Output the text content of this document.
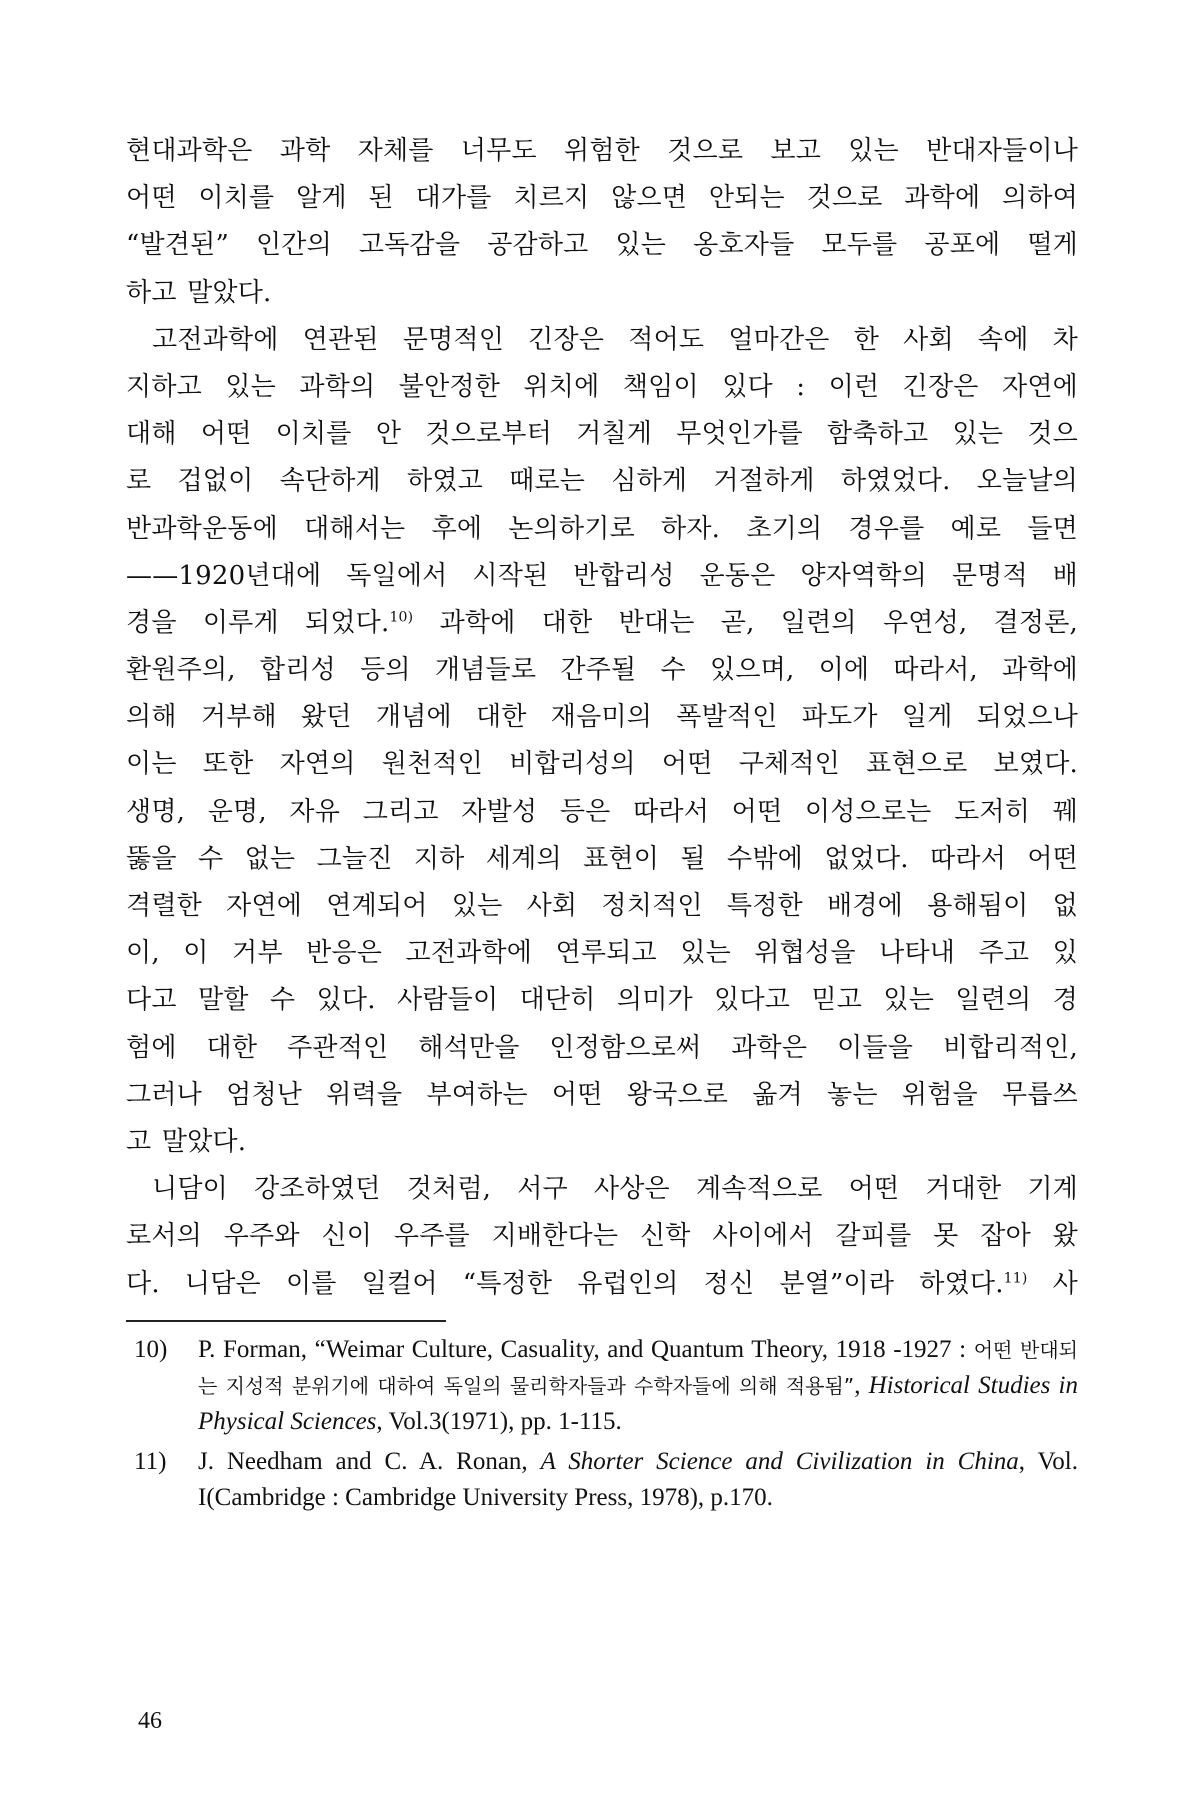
현대과학은 과학 자체를 너무도 위험한 것으로 보고 있는 반대자들이나
어떤 이치를 알게 된 대가를 치르지 않으면 안되는 것으로 과학에 의하여
“발견된” 인간의 고독감을 공감하고 있는 옹호자들 모두를 공포에 떨게
하고 말았다.
고전과학에 연관된 문명적인 긴장은 적어도 얼마간은 한 사회 속에 차
지하고 있는 과학의 불안정한 위치에 책임이 있다 : 이런 긴장은 자연에
대해 어떤 이치를 안 것으로부터 거칠게 무엇인가를 함축하고 있는 것으
로 겁없이 속단하게 하였고 때로는 심하게 거절하게 하였었다. 오늘날의
반과학운동에 대해서는 후에 논의하기로 하자. 초기의 경우를 예로 들면
——1920년대에 독일에서 시작된 반합리성 운동은 양자역학의 문명적 배
경을 이루게 되었다.$^{10)}$ 과학에 대한 반대는 곧, 일련의 우연성, 결정론,
환원주의, 합리성 등의 개념들로 간주될 수 있으며, 이에 따라서, 과학에
의해 거부해 왔던 개념에 대한 재음미의 폭발적인 파도가 일게 되었으나
이는 또한 자연의 원천적인 비합리성의 어떤 구체적인 표현으로 보였다.
생명, 운명, 자유 그리고 자발성 등은 따라서 어떤 이성으로는 도저히 꿰
뚫을 수 없는 그늘진 지하 세계의 표현이 될 수밖에 없었다. 따라서 어떤
격렬한 자연에 연계되어 있는 사회 정치적인 특정한 배경에 용해됨이 없
이, 이 거부 반응은 고전과학에 연루되고 있는 위협성을 나타내 주고 있
다고 말할 수 있다. 사람들이 대단히 의미가 있다고 믿고 있는 일련의 경
험에 대한 주관적인 해석만을 인정함으로써 과학은 이들을 비합리적인,
그러나 엄청난 위력을 부여하는 어떤 왕국으로 옮겨 놓는 위험을 무릅쓰
고 말았다.
니담이 강조하였던 것처럼, 서구 사상은 계속적으로 어떤 거대한 기계
로서의 우주와 신이 우주를 지배한다는 신학 사이에서 갈피를 못 잡아 왔
다. 니담은 이를 일컬어 “특정한 유럽인의 정신 분열”이라 하였다.$^{11)}$ 사
10)	P. Forman, “Weimar Culture, Casuality, and Quantum Theory, 1918 -1927 : 어떤 반대되는 지성적 분위기에 대하여 독일의 물리학자들과 수학자들에 의해 적용됨”, Historical Studies in Physical Sciences, Vol.3(1971), pp. 1-115.
11)	J. Needham and C. A. Ronan, A Shorter Science and Civilization in China, Vol. I(Cambridge : Cambridge University Press, 1978), p.170.
46
